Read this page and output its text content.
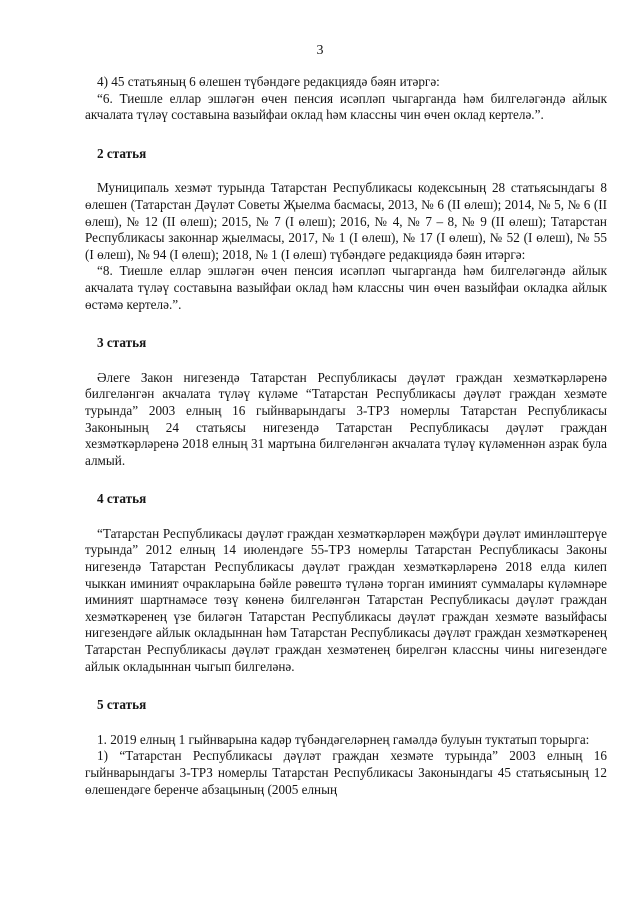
3

4) 45 статьяның 6 өлешен түбәндәге редакциядә бәян итәргә:

“6. Тиешле еллар эшләгән өчен пенсия исәпләп чыгарганда һәм билгеләгәндә айлык акчалата түләү составына вазыйфаи оклад һәм классны чин өчен оклад кертелә.”.

2 статья

Муниципаль хезмәт турында Татарстан Республикасы кодексының 28 статьясындагы 8 өлешен (Татарстан Дәүләт Советы Җыелма басмасы, 2013, № 6 (II өлеш); 2014, № 5, № 6 (II өлеш), № 12 (II өлеш); 2015, № 7 (I өлеш); 2016, № 4, № 7 – 8, № 9 (II өлеш); Татарстан Республикасы законнар җыелмасы, 2017, № 1 (I өлеш), № 17 (I өлеш), № 52 (I өлеш), № 55 (I өлеш), № 94 (I өлеш); 2018, № 1 (I өлеш) түбәндәге редакциядә бәян итәргә:

“8. Тиешле еллар эшләгән өчен пенсия исәпләп чыгарганда һәм билгеләгәндә айлык акчалата түләү составына вазыйфаи оклад һәм классны чин өчен вазыйфаи окладка айлык өстәмә кертелә.”.

3 статья

Әлеге Закон нигезендә Татарстан Республикасы дәүләт граждан хезмәткәрләренә билгеләнгән акчалата түләү күләме “Татарстан Республикасы дәүләт граждан хезмәте турында” 2003 елның 16 гыйнварындагы 3-ТРЗ номерлы Татарстан Республикасы Законының 24 статьясы нигезендә Татарстан Республикасы дәүләт граждан хезмәткәрләренә 2018 елның 31 мартына билгеләнгән акчалата түләү күләменнән азрак була алмый.

4 статья

“Татарстан Республикасы дәүләт граждан хезмәткәрләрен мәҗбүри дәүләт иминләштерүе турында” 2012 елның 14 июлендәге 55-ТРЗ номерлы Татарстан Республикасы Законы нигезендә Татарстан Республикасы дәүләт граждан хезмәткәрләренә 2018 елда килеп чыккан иминият очракларына бәйле рәвештә түләнә торган иминият суммалары күләмнәре иминият шартнамәсе төзү көненә билгеләнгән Татарстан Республикасы дәүләт граждан хезмәткәренең үзе биләгән Татарстан Республикасы дәүләт граждан хезмәте вазыйфасы нигезендәге айлык окладыннан һәм Татарстан Республикасы дәүләт граждан хезмәткәренең Татарстан Республикасы дәүләт граждан хезмәтенең бирелгән классны чины нигезендәге айлык окладыннан чыгып билгеләнә.

5 статья

1. 2019 елның 1 гыйнварына кадәр түбәндәгеләрнең гамәлдә булуын туктатып торырга:

1) “Татарстан Республикасы дәүләт граждан хезмәте турында” 2003 елның 16 гыйнварындагы 3-ТРЗ номерлы Татарстан Республикасы Законындагы 45 статьясының 12 өлешендәге беренче абзацының (2005 елның
